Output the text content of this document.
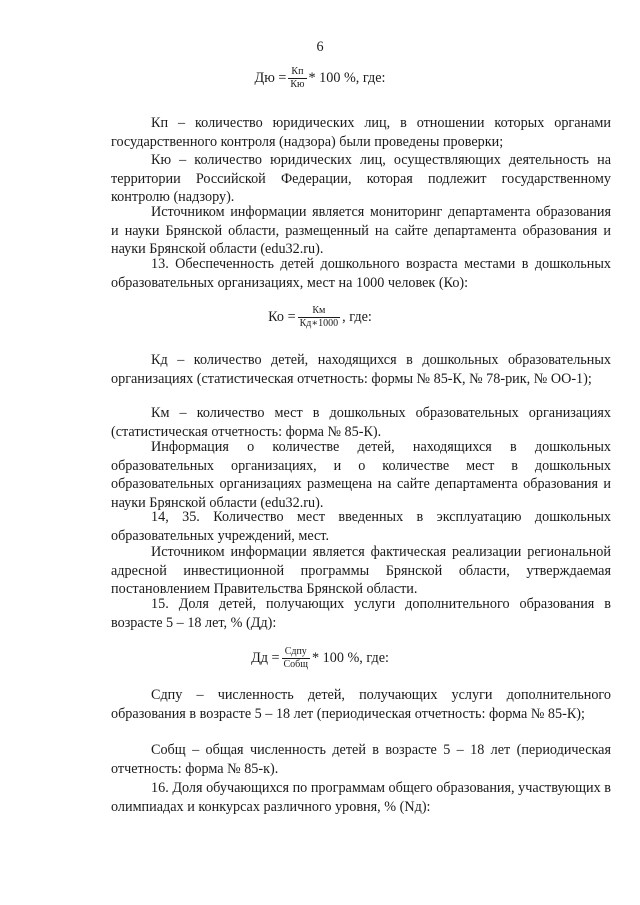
6
Дю = $\frac{Кп}{Кю} * 100$ %, где:

Кп – количество юридических лиц, в отношении которых органами государственного контроля (надзора) были проведены проверки;

Кю – количество юридических лиц, осуществляющих деятельность на территории Российской Федерации, которая подлежит государственному контролю (надзору).

Источником информации является мониторинг департамента образования и науки Брянской области, размещенный на сайте департамента образования и науки Брянской области (edu32.ru).

13. Обеспеченность детей дошкольного возраста местами в дошкольных образовательных организациях, мест на 1000 человек (Ко):

Ко = $\frac{Км}{Кд∗1000}$ , где:

Кд – количество детей, находящихся в дошкольных образовательных организациях (статистическая отчетность: формы № 85-К, № 78-рик, № ОО-1);

Км – количество мест в дошкольных образовательных организациях (статистическая отчетность: форма № 85-К).

Информация о количестве детей, находящихся в дошкольных образовательных организациях, и о количестве мест в дошкольных образовательных организациях размещена на сайте департамента образования и науки Брянской области (edu32.ru).

14, 35. Количество мест введенных в эксплуатацию дошкольных образовательных учреждений, мест.

Источником информации является фактическая реализации региональной адресной инвестиционной программы Брянской области, утверждаемая постановлением Правительства Брянской области.

15. Доля детей, получающих услуги дополнительного образования в возрасте 5 – 18 лет, % (Дд):

Дд = $\frac{\text{Сдпу}}{\text{Собщ}} * 100$ %, где:

Сдпу – численность детей, получающих услуги дополнительного образования в возрасте 5 – 18 лет (периодическая отчетность: форма № 85-К);

Собщ – общая численность детей в возрасте 5 – 18 лет (периодическая отчетность: форма № 85-к).

16. Доля обучающихся по программам общего образования, участвующих в олимпиадах и конкурсах различного уровня, % (Nд):
